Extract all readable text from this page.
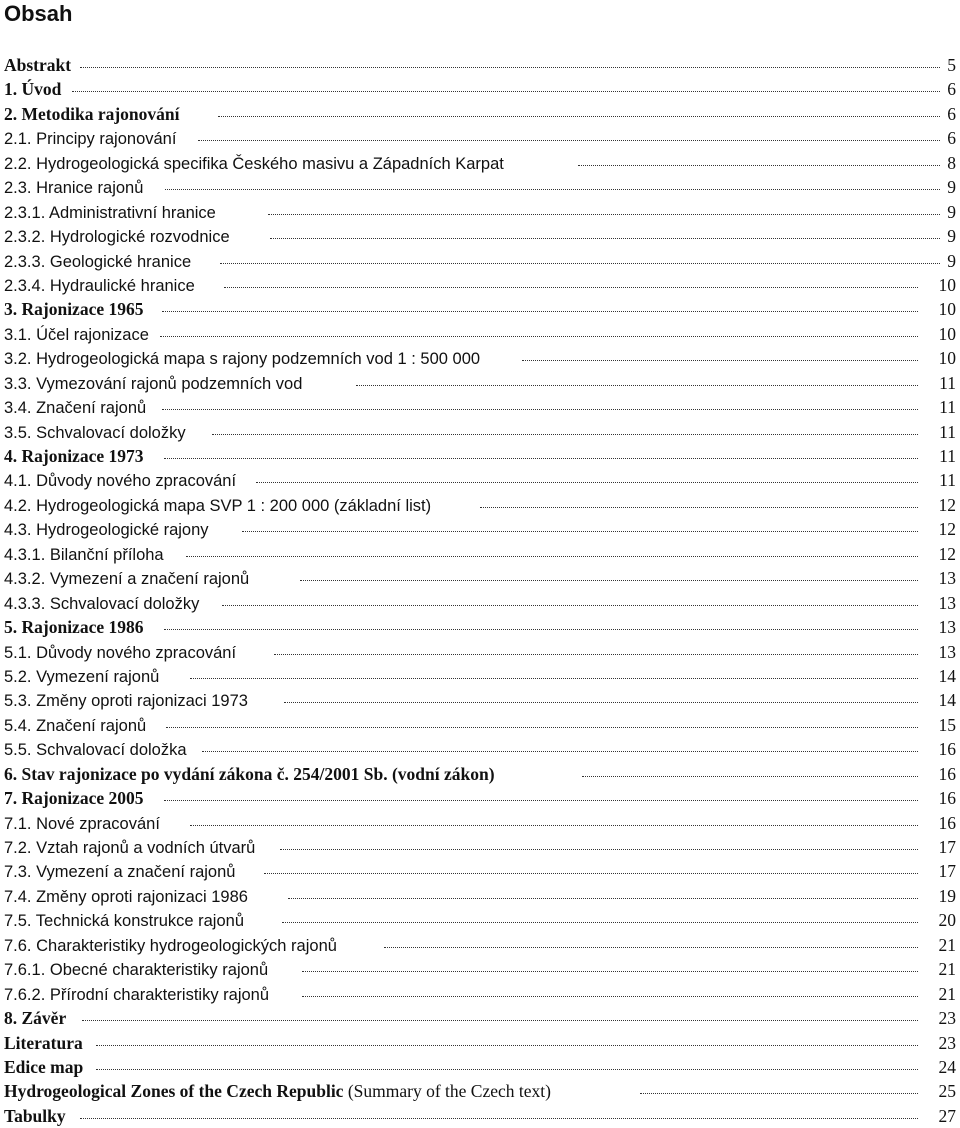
Obsah
Abstrakt	5
1. Úvod	6
2. Metodika rajonování	6
2.1. Principy rajonování	6
2.2. Hydrogeologická specifika Českého masivu a Západních Karpat	8
2.3. Hranice rajonů	9
2.3.1. Administrativní hranice	9
2.3.2. Hydrologické rozvodnice	9
2.3.3. Geologické hranice	9
2.3.4. Hydraulické hranice	10
3. Rajonizace 1965	10
3.1. Účel rajonizace	10
3.2. Hydrogeologická mapa s rajony podzemních vod 1 : 500 000	10
3.3. Vymezování rajonů podzemních vod	11
3.4. Značení rajonů	11
3.5. Schvalovací doložky	11
4. Rajonizace 1973	11
4.1. Důvody nového zpracování	11
4.2. Hydrogeologická mapa SVP 1 : 200 000 (základní list)	12
4.3. Hydrogeologické rajony	12
4.3.1. Bilanční příloha	12
4.3.2. Vymezení a značení rajonů	13
4.3.3. Schvalovací doložky	13
5. Rajonizace 1986	13
5.1. Důvody nového zpracování	13
5.2. Vymezení rajonů	14
5.3. Změny oproti rajonizaci 1973	14
5.4. Značení rajonů	15
5.5. Schvalovací doložka	16
6. Stav rajonizace po vydání zákona č. 254/2001 Sb. (vodní zákon)	16
7. Rajonizace 2005	16
7.1. Nové zpracování	16
7.2. Vztah rajonů a vodních útvarů	17
7.3. Vymezení a značení rajonů	17
7.4. Změny oproti rajonizaci 1986	19
7.5. Technická konstrukce rajonů	20
7.6. Charakteristiky hydrogeologických rajonů	21
7.6.1. Obecné charakteristiky rajonů	21
7.6.2. Přírodní charakteristiky rajonů	21
8. Závěr	23
Literatura	23
Edice map	24
Hydrogeological Zones of the Czech Republic (Summary of the Czech text)	25
Tabulky	27
